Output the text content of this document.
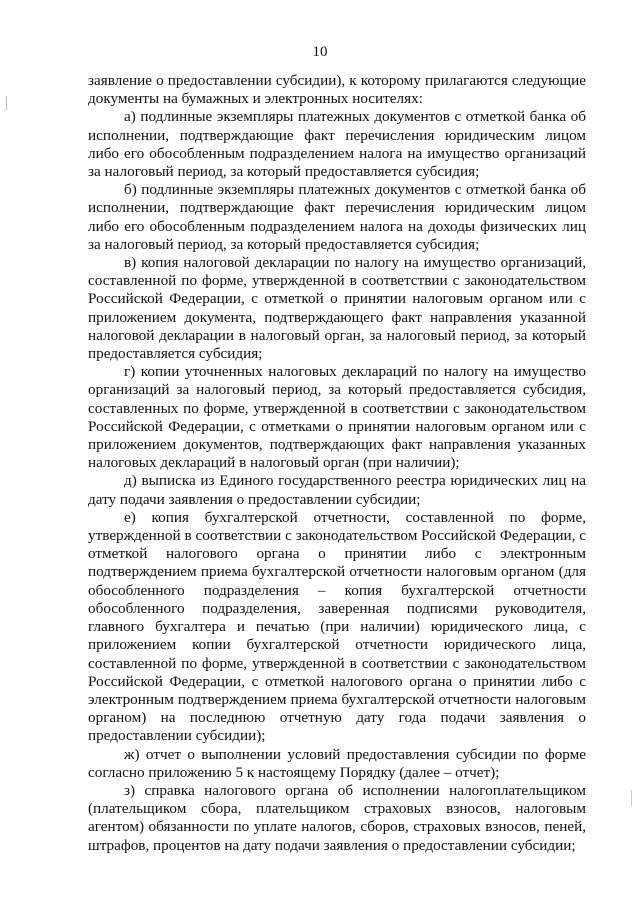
10

заявление о предоставлении субсидии), к которому прилагаются следующие документы на бумажных и электронных носителях:

а) подлинные экземпляры платежных документов с отметкой банка об исполнении, подтверждающие факт перечисления юридическим лицом либо его обособленным подразделением налога на имущество организаций за налоговый период, за который предоставляется субсидия;

б) подлинные экземпляры платежных документов с отметкой банка об исполнении, подтверждающие факт перечисления юридическим лицом либо его обособленным подразделением налога на доходы физических лиц за налоговый период, за который предоставляется субсидия;

в) копия налоговой декларации по налогу на имущество организаций, составленной по форме, утвержденной в соответствии с законодательством Российской Федерации, с отметкой о принятии налоговым органом или с приложением документа, подтверждающего факт направления указанной налоговой декларации в налоговый орган, за налоговый период, за который предоставляется субсидия;

г) копии уточненных налоговых деклараций по налогу на имущество организаций за налоговый период, за который предоставляется субсидия, составленных по форме, утвержденной в соответствии с законодательством Российской Федерации, с отметками о принятии налоговым органом или с приложением документов, подтверждающих факт направления указанных налоговых деклараций в налоговый орган (при наличии);

д) выписка из Единого государственного реестра юридических лиц на дату подачи заявления о предоставлении субсидии;

е) копия бухгалтерской отчетности, составленной по форме, утвержденной в соответствии с законодательством Российской Федерации, с отметкой налогового органа о принятии либо с электронным подтверждением приема бухгалтерской отчетности налоговым органом (для обособленного подразделения – копия бухгалтерской отчетности обособленного подразделения, заверенная подписями руководителя, главного бухгалтера и печатью (при наличии) юридического лица, с приложением копии бухгалтерской отчетности юридического лица, составленной по форме, утвержденной в соответствии с законодательством Российской Федерации, с отметкой налогового органа о принятии либо с электронным подтверждением приема бухгалтерской отчетности налоговым органом) на последнюю отчетную дату года подачи заявления о предоставлении субсидии);

ж) отчет о выполнении условий предоставления субсидии по форме согласно приложению 5 к настоящему Порядку (далее – отчет);

з) справка налогового органа об исполнении налогоплательщиком (плательщиком сбора, плательщиком страховых взносов, налоговым агентом) обязанности по уплате налогов, сборов, страховых взносов, пеней, штрафов, процентов на дату подачи заявления о предоставлении субсидии;
